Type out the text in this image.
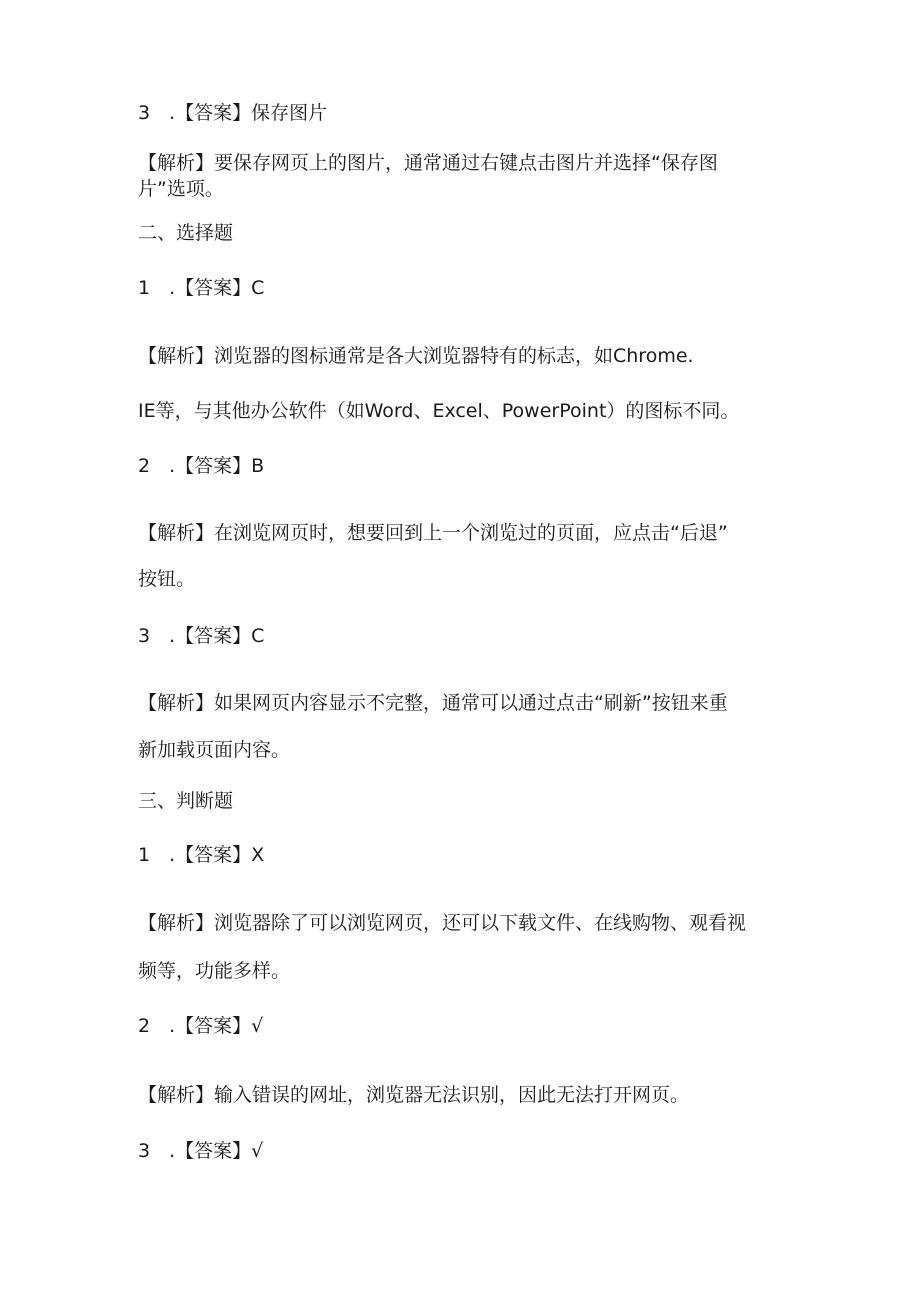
3　.【答案】保存图片
【解析】要保存网页上的图片，通常通过右键点击图片并选择“保存图
片”选项。
二、选择题
1　.【答案】C
【解析】浏览器的图标通常是各大浏览器特有的标志，如Chrome.
IE等，与其他办公软件（如Word、Excel、PowerPoint）的图标不同。
2　.【答案】B
【解析】在浏览网页时，想要回到上一个浏览过的页面，应点击“后退”
按钮。
3　.【答案】C
【解析】如果网页内容显示不完整，通常可以通过点击“刷新”按钮来重
新加载页面内容。
三、判断题
1　.【答案】X
【解析】浏览器除了可以浏览网页，还可以下载文件、在线购物、观看视
频等，功能多样。
2　.【答案】√
【解析】输入错误的网址，浏览器无法识别，因此无法打开网页。
3　.【答案】√
